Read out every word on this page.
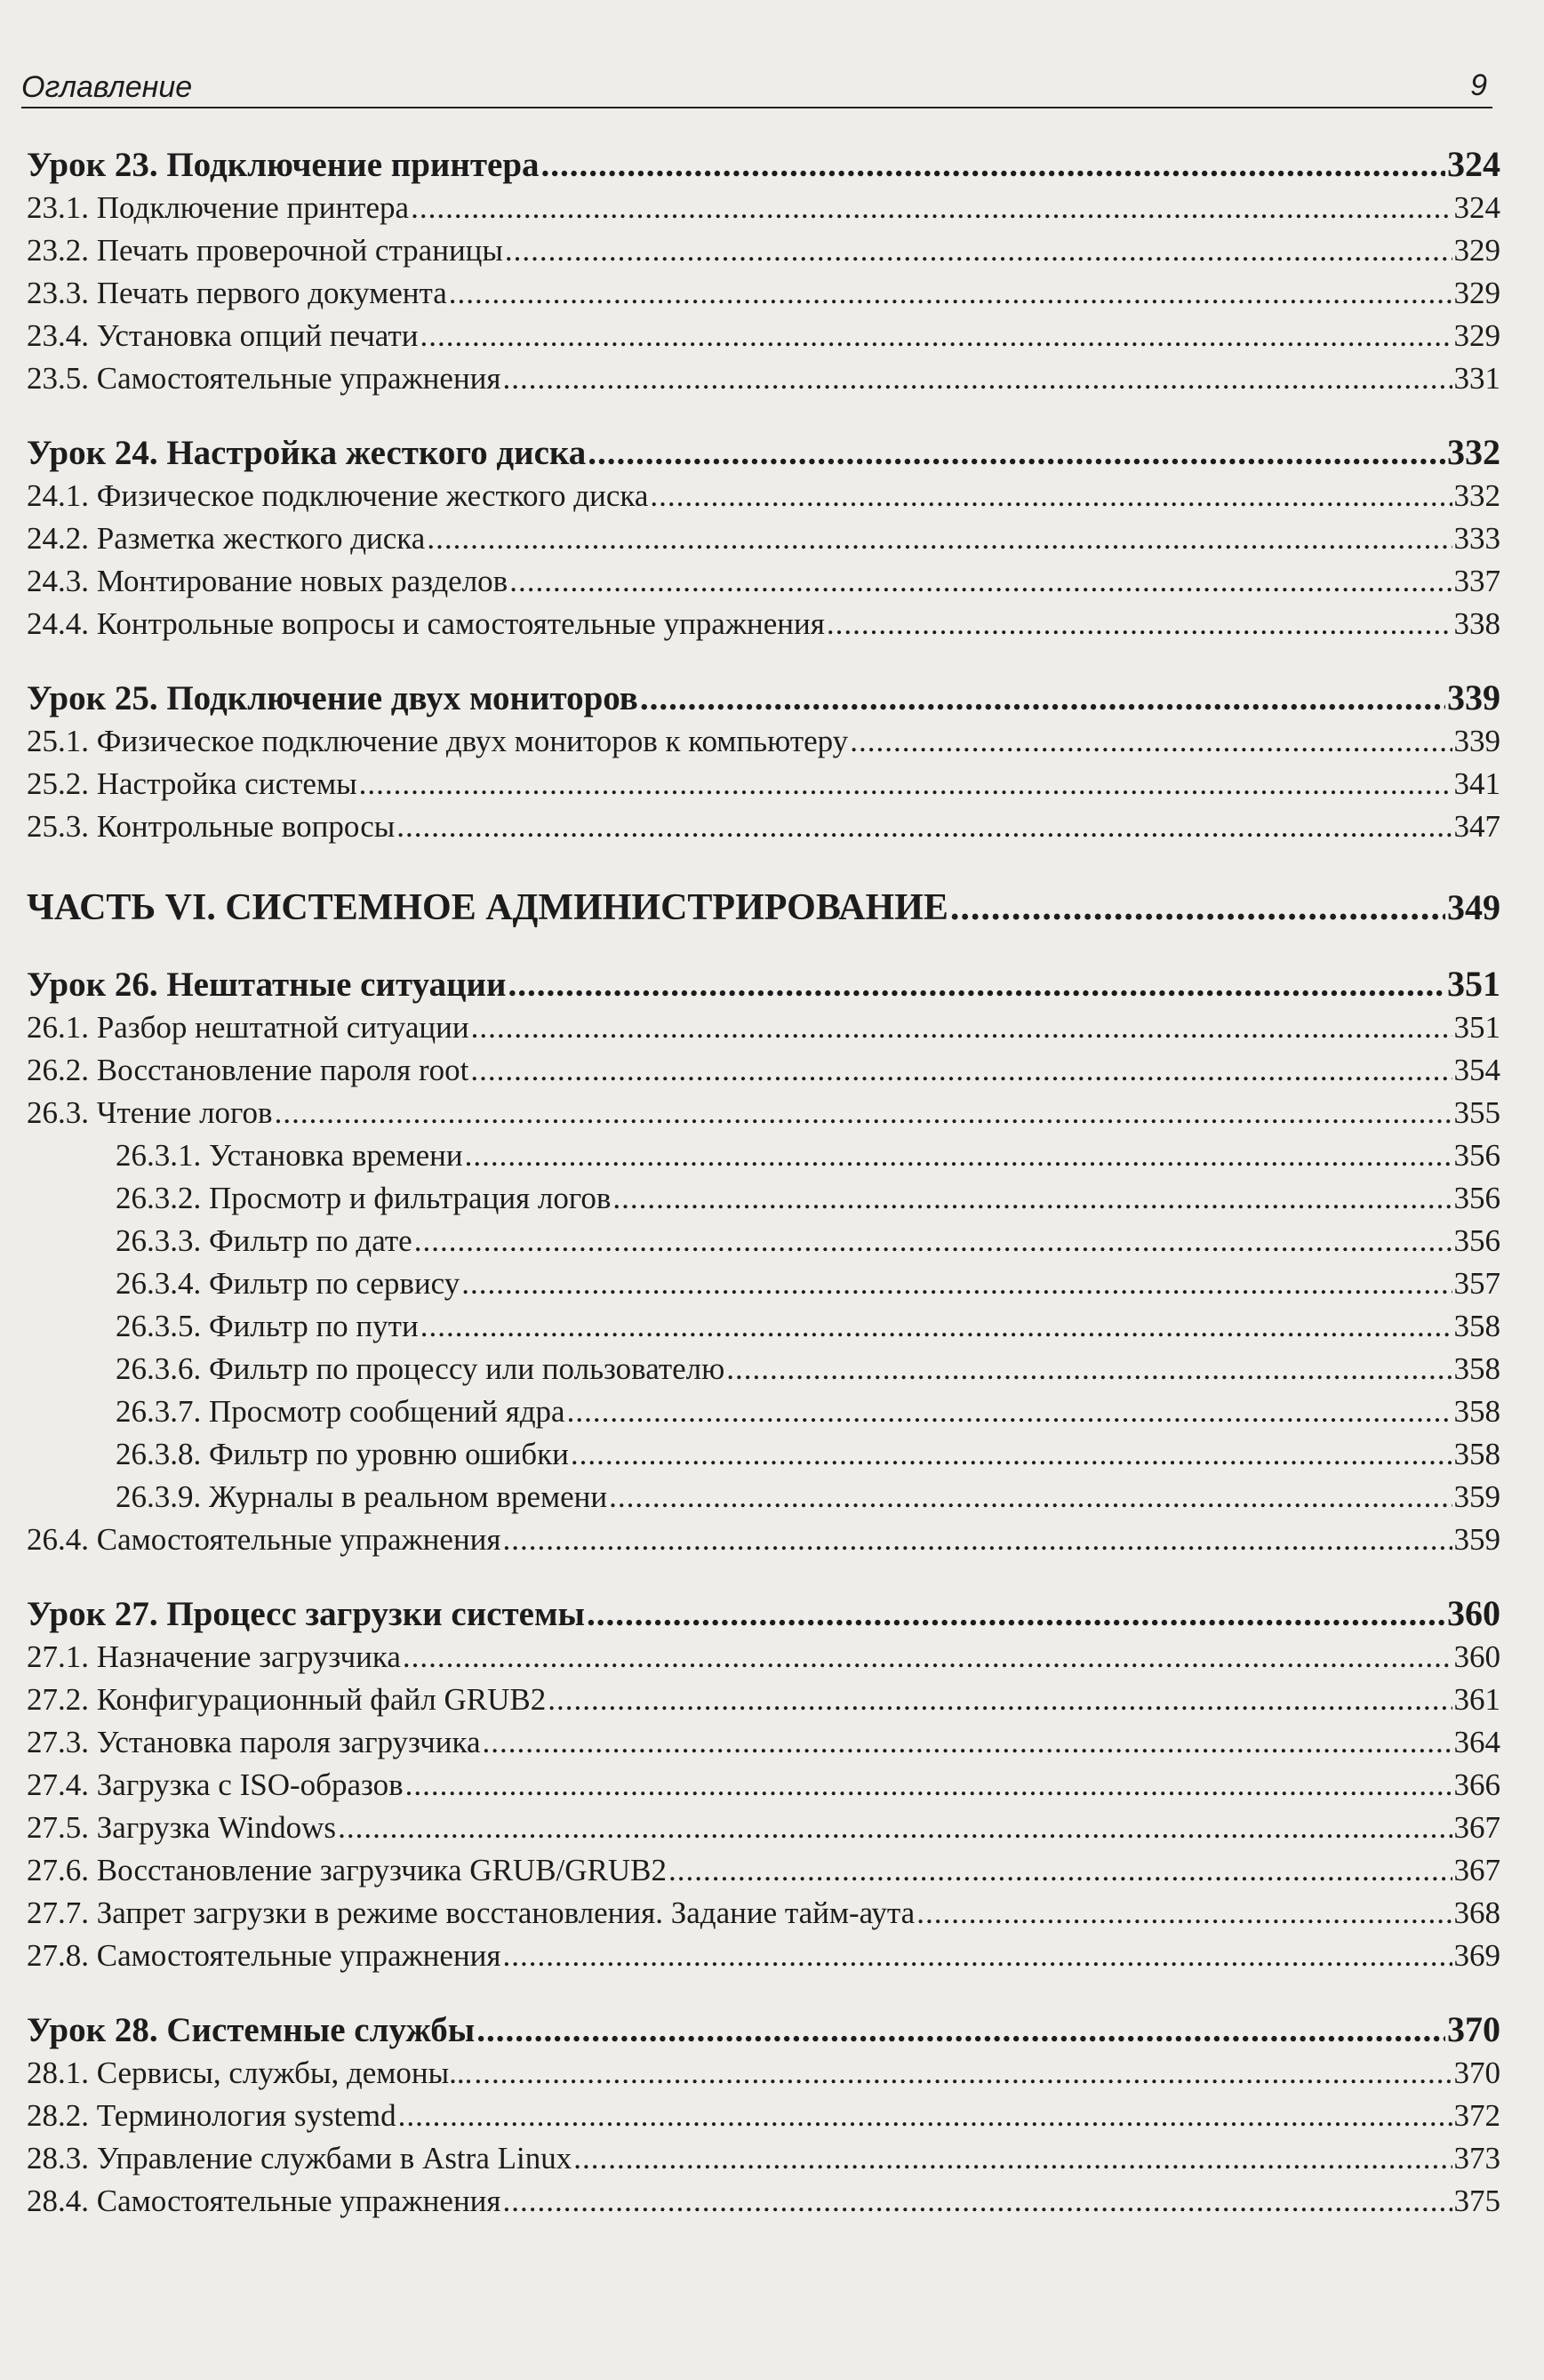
Оглавление	9
Урок 23. Подключение принтера .....	324
23.1. Подключение принтера .....	324
23.2. Печать проверочной страницы .....	329
23.3. Печать первого документа .....	329
23.4. Установка опций печати .....	329
23.5. Самостоятельные упражнения .....	331
Урок 24. Настройка жесткого диска .....	332
24.1. Физическое подключение жесткого диска .....	332
24.2. Разметка жесткого диска .....	333
24.3. Монтирование новых разделов .....	337
24.4. Контрольные вопросы и самостоятельные упражнения .....	338
Урок 25. Подключение двух мониторов .....	339
25.1. Физическое подключение двух мониторов к компьютеру .....	339
25.2. Настройка системы .....	341
25.3. Контрольные вопросы .....	347
ЧАСТЬ VI. СИСТЕМНОЕ АДМИНИСТРИРОВАНИЕ .....	349
Урок 26. Нештатные ситуации .....	351
26.1. Разбор нештатной ситуации .....	351
26.2. Восстановление пароля root .....	354
26.3. Чтение логов .....	355
26.3.1. Установка времени .....	356
26.3.2. Просмотр и фильтрация логов .....	356
26.3.3. Фильтр по дате .....	356
26.3.4. Фильтр по сервису .....	357
26.3.5. Фильтр по пути .....	358
26.3.6. Фильтр по процессу или пользователю .....	358
26.3.7. Просмотр сообщений ядра .....	358
26.3.8. Фильтр по уровню ошибки .....	358
26.3.9. Журналы в реальном времени .....	359
26.4. Самостоятельные упражнения .....	359
Урок 27. Процесс загрузки системы .....	360
27.1. Назначение загрузчика .....	360
27.2. Конфигурационный файл GRUB2 .....	361
27.3. Установка пароля загрузчика .....	364
27.4. Загрузка с ISO-образов .....	366
27.5. Загрузка Windows .....	367
27.6. Восстановление загрузчика GRUB/GRUB2 .....	367
27.7. Запрет загрузки в режиме восстановления. Задание тайм-аута .....	368
27.8. Самостоятельные упражнения .....	369
Урок 28. Системные службы .....	370
28.1. Сервисы, службы, демоны... .....	370
28.2. Терминология systemd .....	372
28.3. Управление службами в Astra Linux .....	373
28.4. Самостоятельные упражнения .....	375
